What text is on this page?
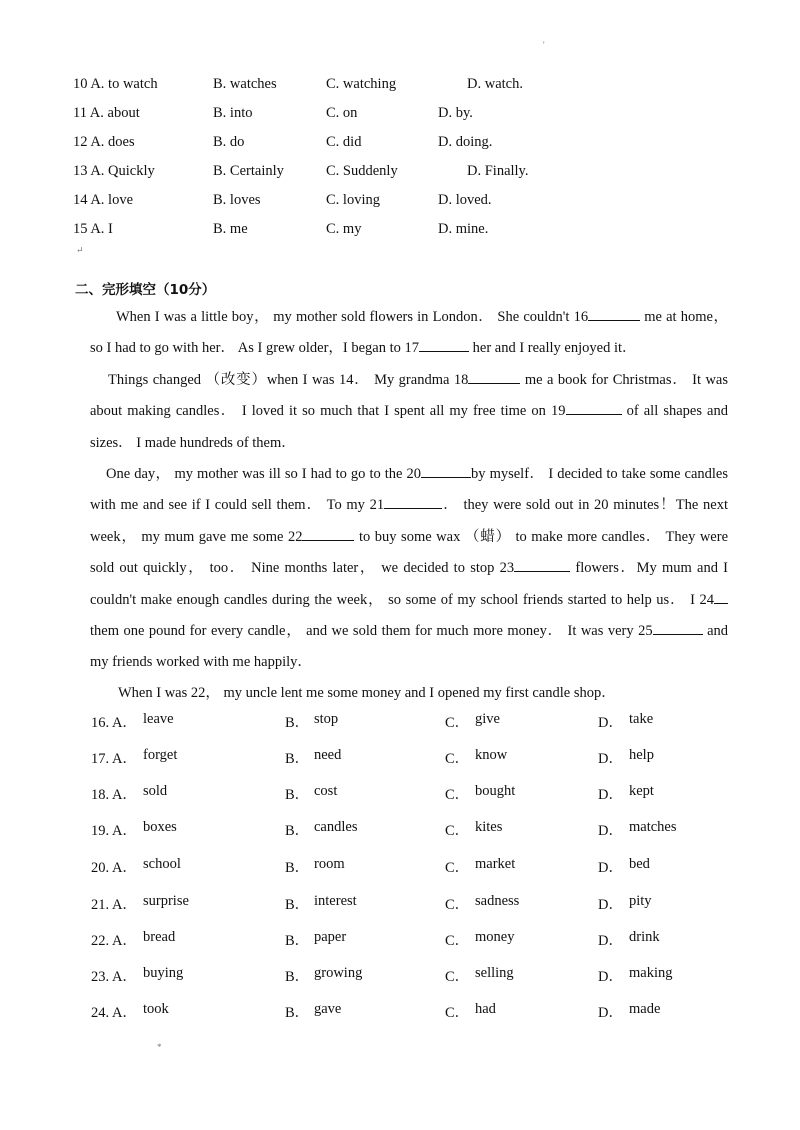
'
10 A. to watch	B. watches	C. watching	D. watch.
11 A. about	B. into	C. on	D. by.
12 A. does	B. do	C. did	D. doing.
13 A. Quickly	B. Certainly	C. Suddenly	D. Finally.
14 A. love	B. loves	C. loving	D. loved.
15 A. I	B. me	C. my	D. mine.
↵
二、完形填空（10分）

When I was a little boy， my mother sold flowers in London． She couldn't 16	me at home，so I had to go with her． As I grew older，I began to 17	her and I really enjoyed it．

Things changed （改变）when I was 14． My grandma 18	me a book for Christmas． It was about making candles． I loved it so much that I spent all my free time on 19	of all shapes and sizes． I made hundreds of them．

One day， my mother was ill so I had to go to the 20	by myself． I decided to take some candles with me and see if I could sell them． To my 21	． they were sold out in 20 minutes！The next week， my mum gave me some 22	to buy some wax （蜡） to make more candles． They were sold out quickly， too． Nine months later， we decided to stop 23	flowers．My mum and I couldn't make enough candles during the week， so some of my school friends started to help us． I 24 them one pound for every candle， and we sold them for much more money． It was very 25	and my friends worked with me happily．

When I was 22， my uncle lent me some money and I opened my first candle shop．

16. A． leave	B． stop	C． give	D． take
17. A． forget	B． need	C． know	D． help
18. A． sold	B． cost	C． bought	D． kept
19. A． boxes	B． candles	C． kites	D． matches
20. A． school	B． room	C． market	D． bed
21. A． surprise	B． interest	C． sadness	D． pity
22. A． bread	B． paper	C． money	D． drink
23. A． buying	B． growing	C． selling	D． making
24. A． took	B． gave	C． had	D． made
*
